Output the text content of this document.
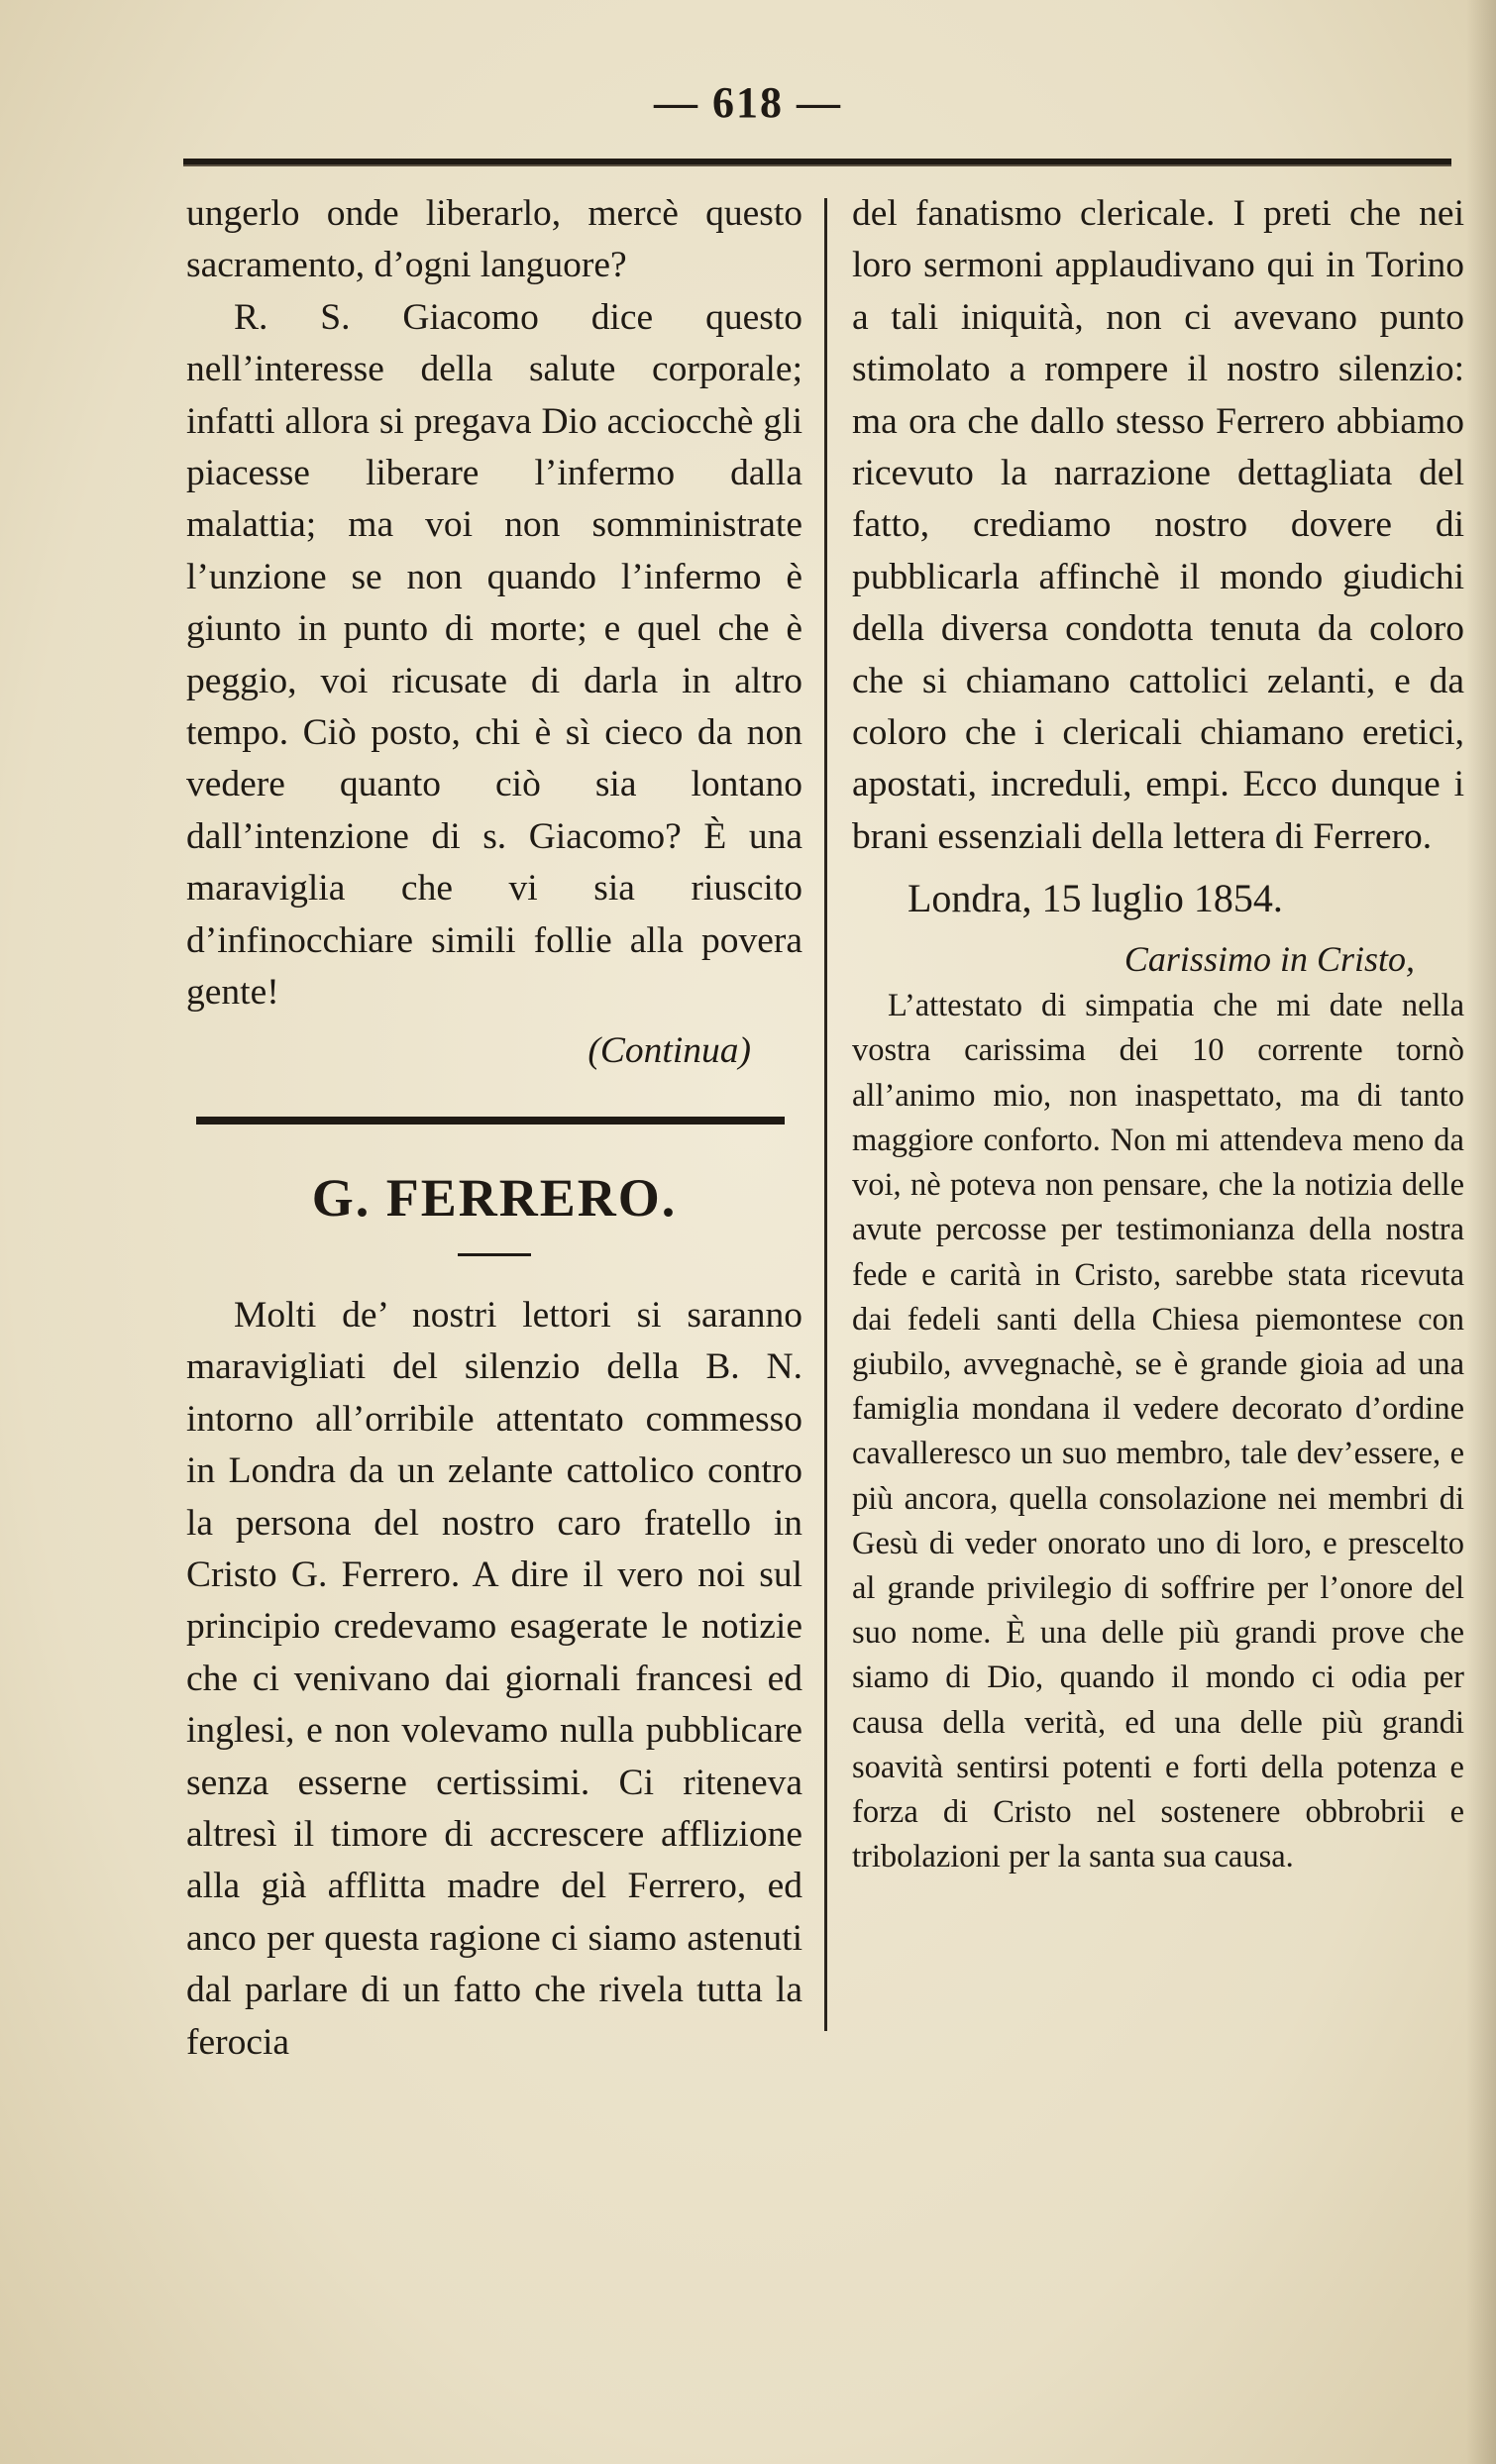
— 618 —

ungerlo onde liberarlo, mercè questo sacramento, d’ogni languore?

R. S. Giacomo dice questo nell’interesse della salute corporale; infatti allora si pregava Dio acciocchè gli piacesse liberare l’infermo dalla malattia; ma voi non somministrate l’unzione se non quando l’infermo è giunto in punto di morte; e quel che è peggio, voi ricusate di darla in altro tempo. Ciò posto, chi è sì cieco da non vedere quanto ciò sia lontano dall’intenzione di s. Giacomo? È una maraviglia che vi sia riuscito d’infinocchiare simili follie alla povera gente!

(Continua)

G. FERRERO.

Molti de’ nostri lettori si saranno maravigliati del silenzio della B. N. intorno all’orribile attentato commesso in Londra da un zelante cattolico contro la persona del nostro caro fratello in Cristo G. Ferrero. A dire il vero noi sul principio credevamo esagerate le notizie che ci venivano dai giornali francesi ed inglesi, e non volevamo nulla pubblicare senza esserne certissimi. Ci riteneva altresì il timore di accrescere afflizione alla già afflitta madre del Ferrero, ed anco per questa ragione ci siamo astenuti dal parlare di un fatto che rivela tutta la ferocia

del fanatismo clericale. I preti che nei loro sermoni applaudivano qui in Torino a tali iniquità, non ci avevano punto stimolato a rompere il nostro silenzio: ma ora che dallo stesso Ferrero abbiamo ricevuto la narrazione dettagliata del fatto, crediamo nostro dovere di pubblicarla affinchè il mondo giudichi della diversa condotta tenuta da coloro che si chiamano cattolici zelanti, e da coloro che i clericali chiamano eretici, apostati, increduli, empi. Ecco dunque i brani essenziali della lettera di Ferrero.

Londra, 15 luglio 1854.

Carissimo in Cristo,

L’attestato di simpatia che mi date nella vostra carissima dei 10 corrente tornò all’animo mio, non inaspettato, ma di tanto maggiore conforto. Non mi attendeva meno da voi, nè poteva non pensare, che la notizia delle avute percosse per testimonianza della nostra fede e carità in Cristo, sarebbe stata ricevuta dai fedeli santi della Chiesa piemontese con giubilo, avvegnachè, se è grande gioia ad una famiglia mondana il vedere decorato d’ordine cavalleresco un suo membro, tale dev’essere, e più ancora, quella consolazione nei membri di Gesù di veder onorato uno di loro, e prescelto al grande privilegio di soffrire per l’onore del suo nome. È una delle più grandi prove che siamo di Dio, quando il mondo ci odia per causa della verità, ed una delle più grandi soavità sentirsi potenti e forti della potenza e forza di Cristo nel sostenere obbrobrii e tribolazioni per la santa sua causa.
